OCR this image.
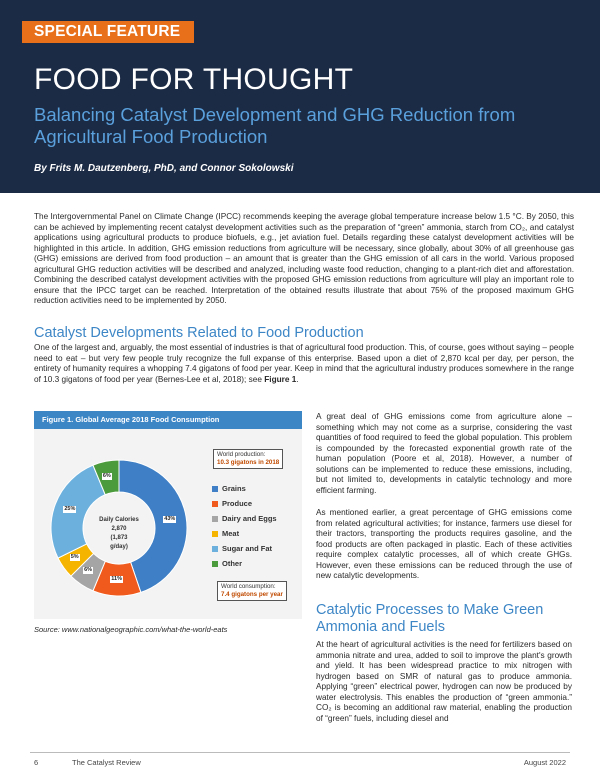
SPECIAL FEATURE
FOOD FOR THOUGHT
Balancing Catalyst Development and GHG Reduction from Agricultural Food Production
By Frits M. Dautzenberg, PhD, and Connor Sokolowski
The Intergovernmental Panel on Climate Change (IPCC) recommends keeping the average global temperature increase below 1.5 °C. By 2050, this can be achieved by implementing recent catalyst development activities such as the preparation of “green” ammonia, starch from CO₂, and catalyst applications using agricultural products to produce biofuels, e.g., jet aviation fuel. Details regarding these catalyst development activities will be highlighted in this article. In addition, GHG emission reductions from agriculture will be necessary, since globally, about 30% of all greenhouse gas (GHG) emissions are derived from food production – an amount that is greater than the GHG emission of all cars in the world. Various proposed agricultural GHG reduction activities will be described and analyzed, including waste food reduction, changing to a plant-rich diet and afforestation. Combining the described catalyst development activities with the proposed GHG emission reductions from agriculture will play an important role to ensure that the IPCC target can be reached. Interpretation of the obtained results illustrate that about 75% of the proposed maximum GHG reduction activities need to be implemented by 2050.
Catalyst Developments Related to Food Production
One of the largest and, arguably, the most essential of industries is that of agricultural food production. This, of course, goes without saying – people need to eat – but very few people truly recognize the full expanse of this enterprise. Based upon a diet of 2,870 kcal per day, per person, the entirety of humanity requires a whopping 7.4 gigatons of food per year. Keep in mind that the agricultural industry produces somewhere in the range of 10.3 gigatons of food per year (Bernes-Lee et al, 2018); see Figure 1.
Figure 1. Global Average 2018 Food Consumption
Daily Calories
2,870
(1,873
g/day)
Grains
Produce
Dairy and Eggs
Meat
Sugar and Fat
Other
World production:
10.3 gigatons in 2018
World consumption:
7.4 gigatons per year
43%
11%
6%
5%
25%
6%
Source: www.nationalgeographic.com/what-the-world-eats
A great deal of GHG emissions come from agriculture alone – something which may not come as a surprise, considering the vast quantities of food required to feed the global population. This problem is compounded by the forecasted exponential growth rate of the human population (Poore et al, 2018). However, a number of solutions can be implemented to reduce these emissions, including, but not limited to, developments in catalytic technology and more efficient farming.
As mentioned earlier, a great percentage of GHG emissions come from related agricultural activities; for instance, farmers use diesel for their tractors, transporting the products requires gasoline, and the food products are often packaged in plastic. Each of these activities require complex catalytic processes, all of which create GHGs. However, even these emissions can be reduced through the use of new catalytic developments.
Catalytic Processes to Make Green Ammonia and Fuels
At the heart of agricultural activities is the need for fertilizers based on ammonia nitrate and urea, added to soil to improve the plant's growth and yield. It has been widespread practice to mix nitrogen with hydrogen based on SMR of natural gas to produce ammonia. Applying “green” electrical power, hydrogen can now be produced by water electrolysis. This enables the production of “green ammonia.” CO₂ is becoming an additional raw material, enabling the production of “green” fuels, including diesel and
6	The Catalyst Review	August 2022
